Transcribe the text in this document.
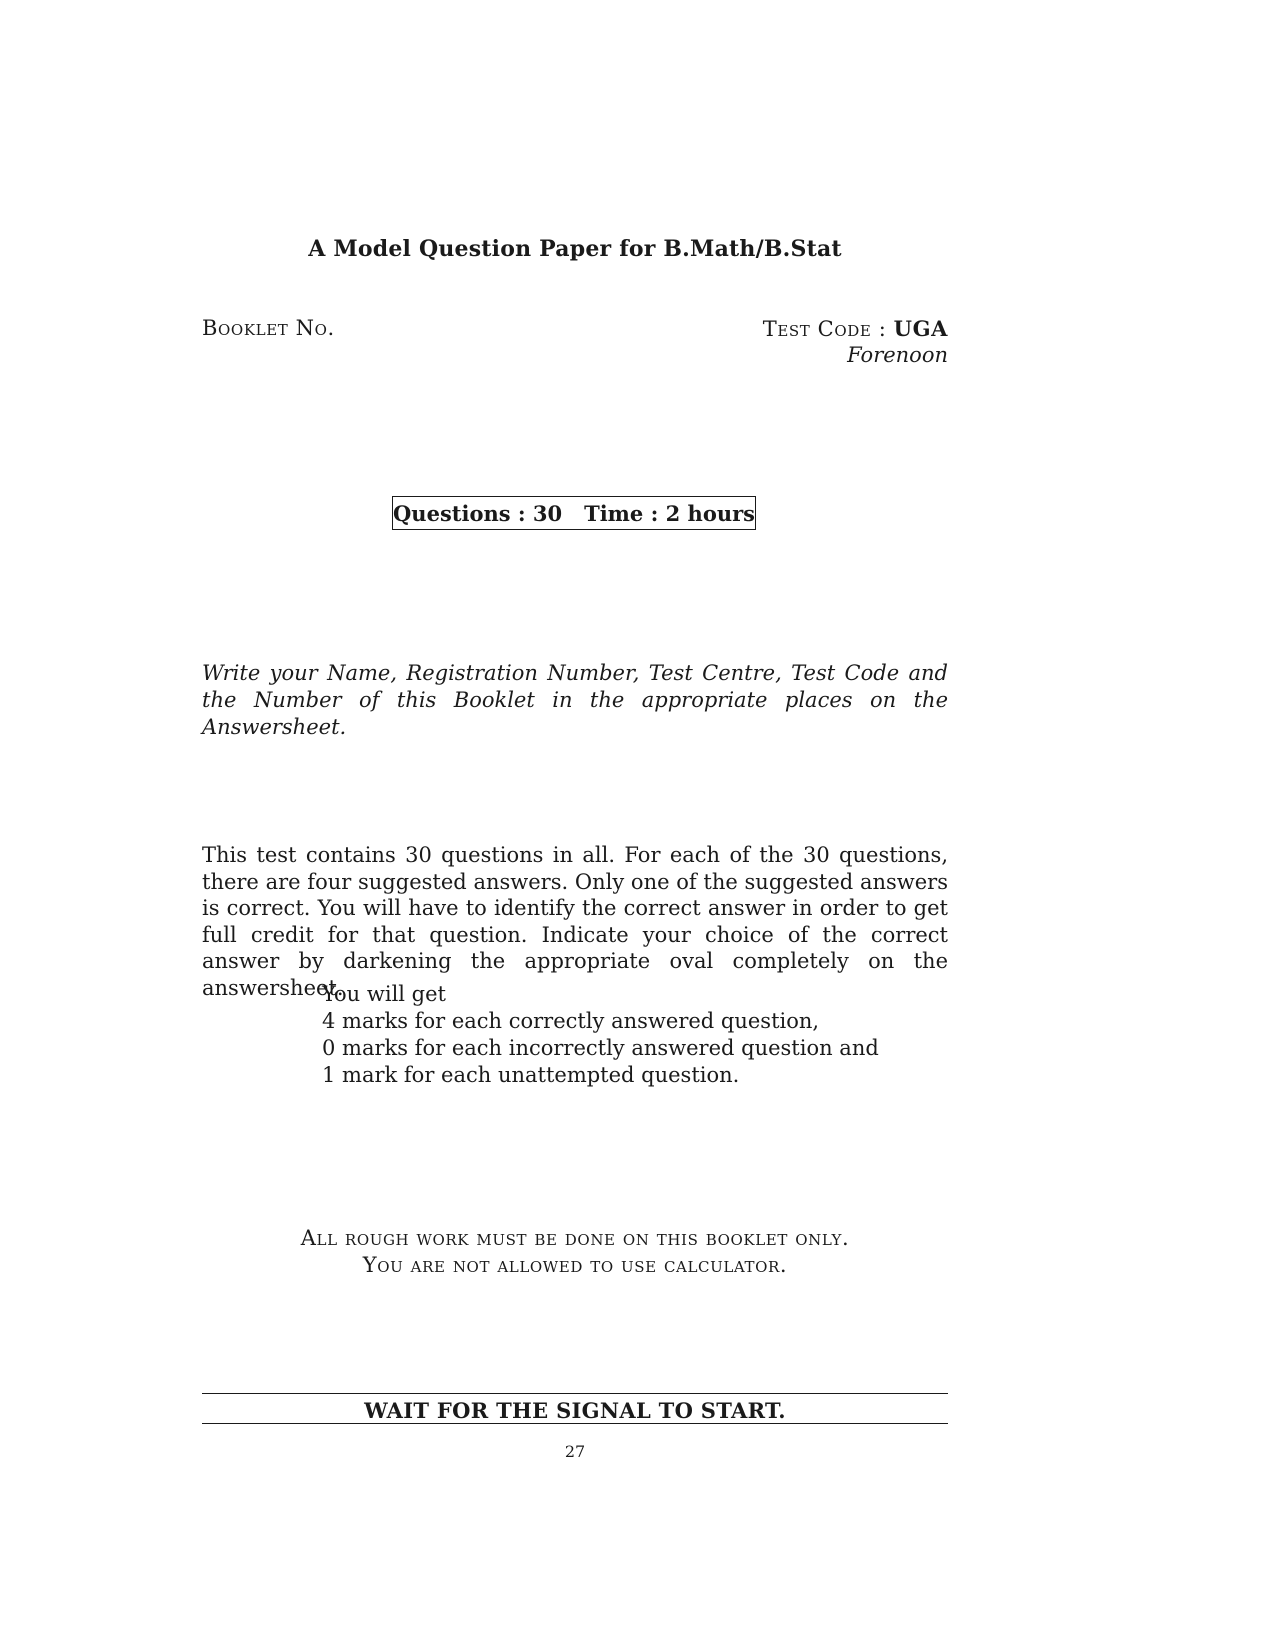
A Model Question Paper for B.Math/B.Stat
Booklet No.	Test Code : UGA
Forenoon
Questions : 30   Time : 2 hours
Write your Name, Registration Number, Test Centre, Test Code and the Number of this Booklet in the appropriate places on the Answersheet.
This test contains 30 questions in all. For each of the 30 questions, there are four suggested answers. Only one of the suggested answers is correct. You will have to identify the correct answer in order to get full credit for that question. Indicate your choice of the correct answer by darkening the appropriate oval completely on the answersheet.
You will get
4 marks for each correctly answered question,
0 marks for each incorrectly answered question and
1 mark for each unattempted question.
All rough work must be done on this booklet only.
You are not allowed to use calculator.
WAIT FOR THE SIGNAL TO START.
27
